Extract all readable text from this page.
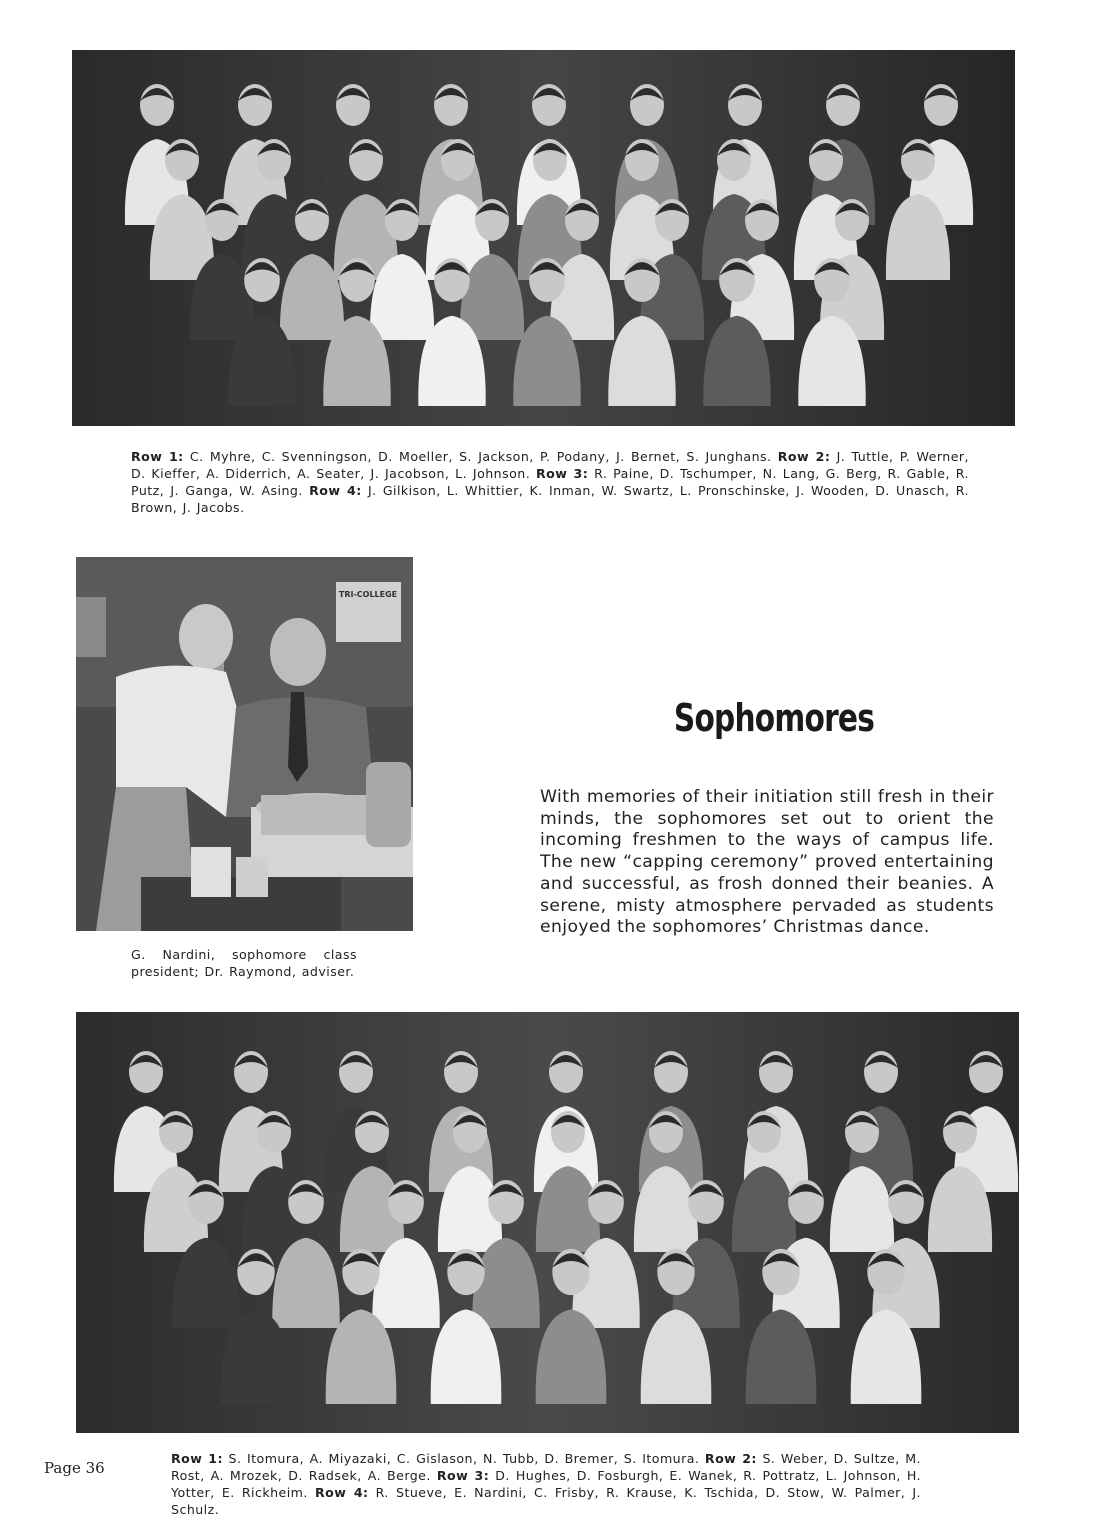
Row 1: C. Myhre, C. Svenningson, D. Moeller, S. Jackson, P. Podany, J. Bernet, S. Junghans. Row 2: J. Tuttle, P. Werner, D. Kieffer, A. Diderrich, A. Seater, J. Jacobson, L. Johnson. Row 3: R. Paine, D. Tschumper, N. Lang, G. Berg, R. Gable, R. Putz, J. Ganga, W. Asing. Row 4: J. Gilkison, L. Whittier, K. Inman, W. Swartz, L. Pronschinske, J. Wooden, D. Unasch, R. Brown, J. Jacobs.
TRI-COLLEGE
G. Nardini, sophomore class president; Dr. Raymond, adviser.
Sophomores

With memories of their initiation still fresh in their minds, the sophomores set out to orient the incoming freshmen to the ways of campus life. The new “capping ceremony” proved entertaining and successful, as frosh donned their beanies. A serene, misty atmosphere pervaded as students enjoyed the sophomores’ Christmas dance.

Row 1: S. Itomura, A. Miyazaki, C. Gislason, N. Tubb, D. Bremer, S. Itomura. Row 2: S. Weber, D. Sultze, M. Rost, A. Mrozek, D. Radsek, A. Berge. Row 3: D. Hughes, D. Fosburgh, E. Wanek, R. Pottratz, L. Johnson, H. Yotter, E. Rickheim. Row 4: R. Stueve, E. Nardini, C. Frisby, R. Krause, K. Tschida, D. Stow, W. Palmer, J. Schulz.
Page 36
